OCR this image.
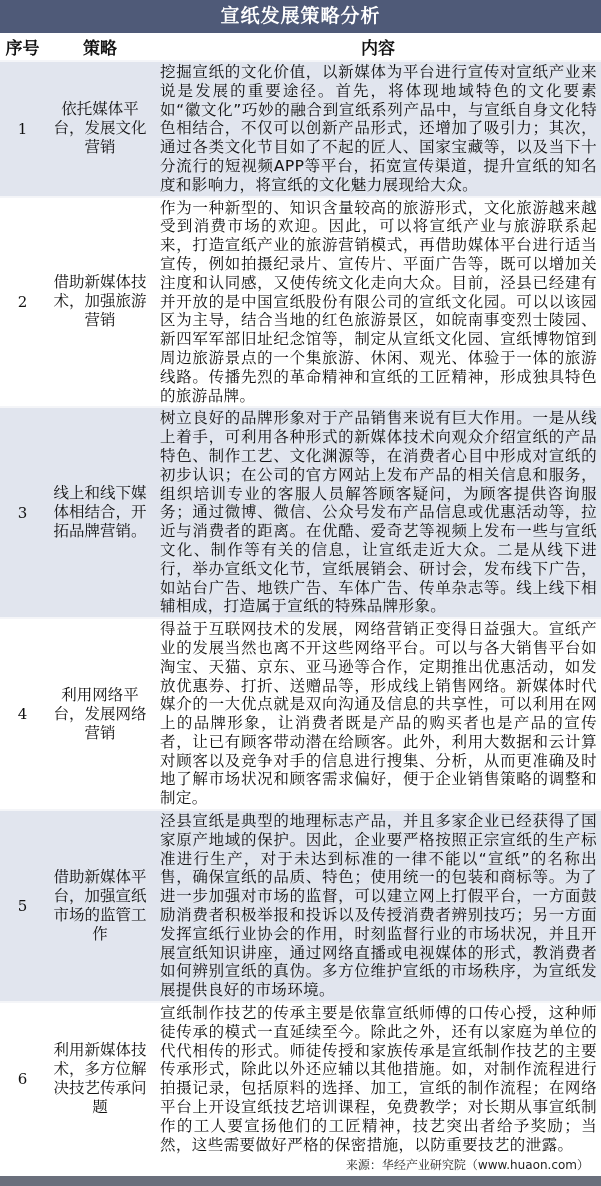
宣纸发展策略分析
序号	策略	内容
1	依托媒体平台，发展文化营销	挖掘宣纸的文化价值，以新媒体为平台进行宣传对宣纸产业来说是发展的重要途径。首先，将体现地域特色的文化要素如“徽文化”巧妙的融合到宣纸系列产品中，与宣纸自身文化特色相结合，不仅可以创新产品形式，还增加了吸引力；其次，通过各类文化节目如了不起的匠人、国家宝藏等，以及当下十分流行的短视频APP等平台，拓宽宣传渠道，提升宣纸的知名度和影响力，将宣纸的文化魅力展现给大众。
2	借助新媒体技术，加强旅游营销	作为一种新型的、知识含量较高的旅游形式，文化旅游越来越受到消费市场的欢迎。因此，可以将宣纸产业与旅游联系起来，打造宣纸产业的旅游营销模式，再借助媒体平台进行适当宣传，例如拍摄纪录片、宣传片、平面广告等，既可以增加关注度和认同感，又使传统文化走向大众。目前，泾县已经建有并开放的是中国宣纸股份有限公司的宣纸文化园。可以以该园区为主导，结合当地的红色旅游景区，如皖南事变烈士陵园、新四军军部旧址纪念馆等，制定从宣纸文化园、宣纸博物馆到周边旅游景点的一个集旅游、休闲、观光、体验于一体的旅游线路。传播先烈的革命精神和宣纸的工匠精神，形成独具特色的旅游品牌。
3	线上和线下媒体相结合，开拓品牌营销。	树立良好的品牌形象对于产品销售来说有巨大作用。一是从线上着手，可利用各种形式的新媒体技术向观众介绍宣纸的产品特色、制作工艺、文化渊源等，在消费者心目中形成对宣纸的初步认识；在公司的官方网站上发布产品的相关信息和服务，组织培训专业的客服人员解答顾客疑问，为顾客提供咨询服务；通过微博、微信、公众号发布产品信息或优惠活动等，拉近与消费者的距离。在优酷、爱奇艺等视频上发布一些与宣纸文化、制作等有关的信息，让宣纸走近大众。二是从线下进行，举办宣纸文化节，宣纸展销会、研讨会，发布线下广告，如站台广告、地铁广告、车体广告、传单杂志等。线上线下相辅相成，打造属于宣纸的特殊品牌形象。
4	利用网络平台，发展网络营销	得益于互联网技术的发展，网络营销正变得日益强大。宣纸产业的发展当然也离不开这些网络平台。可以与各大销售平台如淘宝、天猫、京东、亚马逊等合作，定期推出优惠活动，如发放优惠券、打折、送赠品等，形成线上销售网络。新媒体时代媒介的一大优点就是双向沟通及信息的共享性，可以利用在网上的品牌形象，让消费者既是产品的购买者也是产品的宣传者，让已有顾客带动潜在给顾客。此外，利用大数据和云计算对顾客以及竞争对手的信息进行搜集、分析，从而更准确及时地了解市场状况和顾客需求偏好，便于企业销售策略的调整和制定。
5	借助新媒体平台，加强宣纸市场的监管工作	泾县宣纸是典型的地理标志产品，并且多家企业已经获得了国家原产地域的保护。因此，企业要严格按照正宗宣纸的生产标准进行生产，对于未达到标准的一律不能以“宣纸”的名称出售，确保宣纸的品质、特色；使用统一的包装和商标等。为了进一步加强对市场的监督，可以建立网上打假平台，一方面鼓励消费者积极举报和投诉以及传授消费者辨别技巧；另一方面发挥宣纸行业协会的作用，时刻监督行业的市场状况，并且开展宣纸知识讲座，通过网络直播或电视媒体的形式，教消费者如何辨别宣纸的真伪。多方位维护宣纸的市场秩序，为宣纸发展提供良好的市场环境。
6	利用新媒体技术，多方位解决技艺传承问题	宣纸制作技艺的传承主要是依靠宣纸师傅的口传心授，这种师徒传承的模式一直延续至今。除此之外，还有以家庭为单位的代代相传的形式。师徒传授和家族传承是宣纸制作技艺的主要传承形式，除此以外还应辅以其他措施。如，对制作流程进行拍摄记录，包括原料的选择、加工，宣纸的制作流程；在网络平台上开设宣纸技艺培训课程，免费教学；对长期从事宣纸制作的工人要宣扬他们的工匠精神，技艺突出者给予奖励；当然，这些需要做好严格的保密措施，以防重要技艺的泄露。
来源：华经产业研究院（www.huaon.com）
